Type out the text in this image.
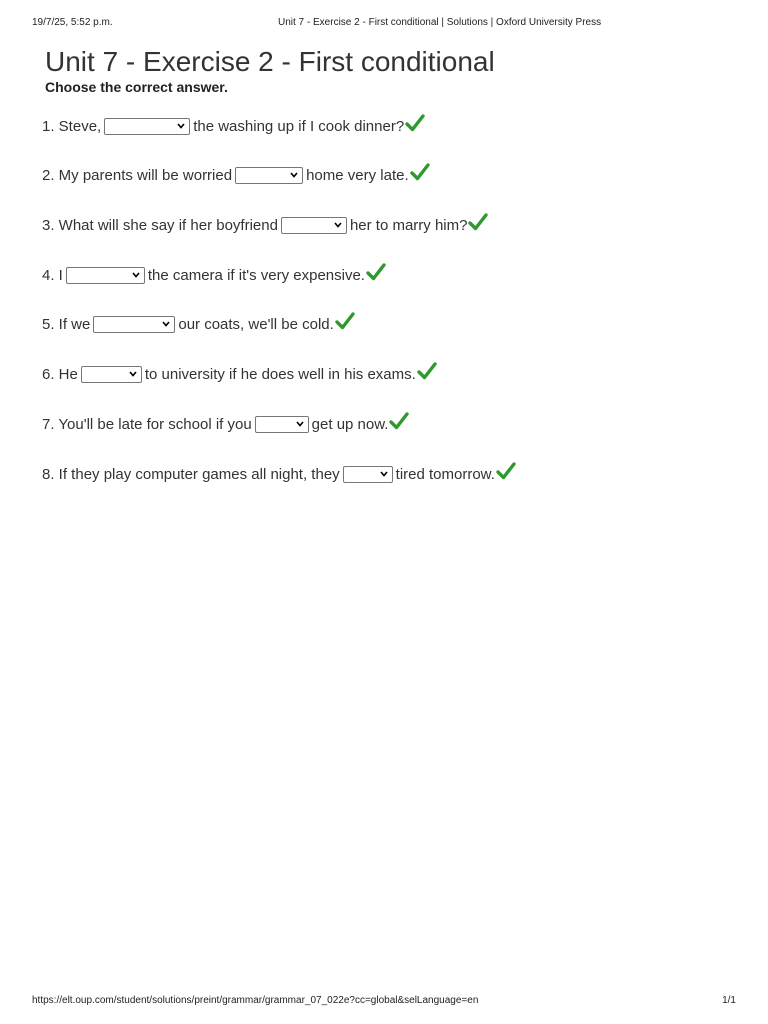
19/7/25, 5:52 p.m.	Unit 7 - Exercise 2 - First conditional | Solutions | Oxford University Press
Unit 7 - Exercise 2 - First conditional
Choose the correct answer.
1. Steve,	the washing up if I cook dinner?
2. My parents will be worried	home very late.
3. What will she say if her boyfriend	her to marry him?
4. I	the camera if it's very expensive.
5. If we	our coats, we'll be cold.
6. He	to university if he does well in his exams.
7. You'll be late for school if you	get up now.
8. If they play computer games all night, they	tired tomorrow.
https://elt.oup.com/student/solutions/preint/grammar/grammar_07_022e?cc=global&selLanguage=en	1/1
